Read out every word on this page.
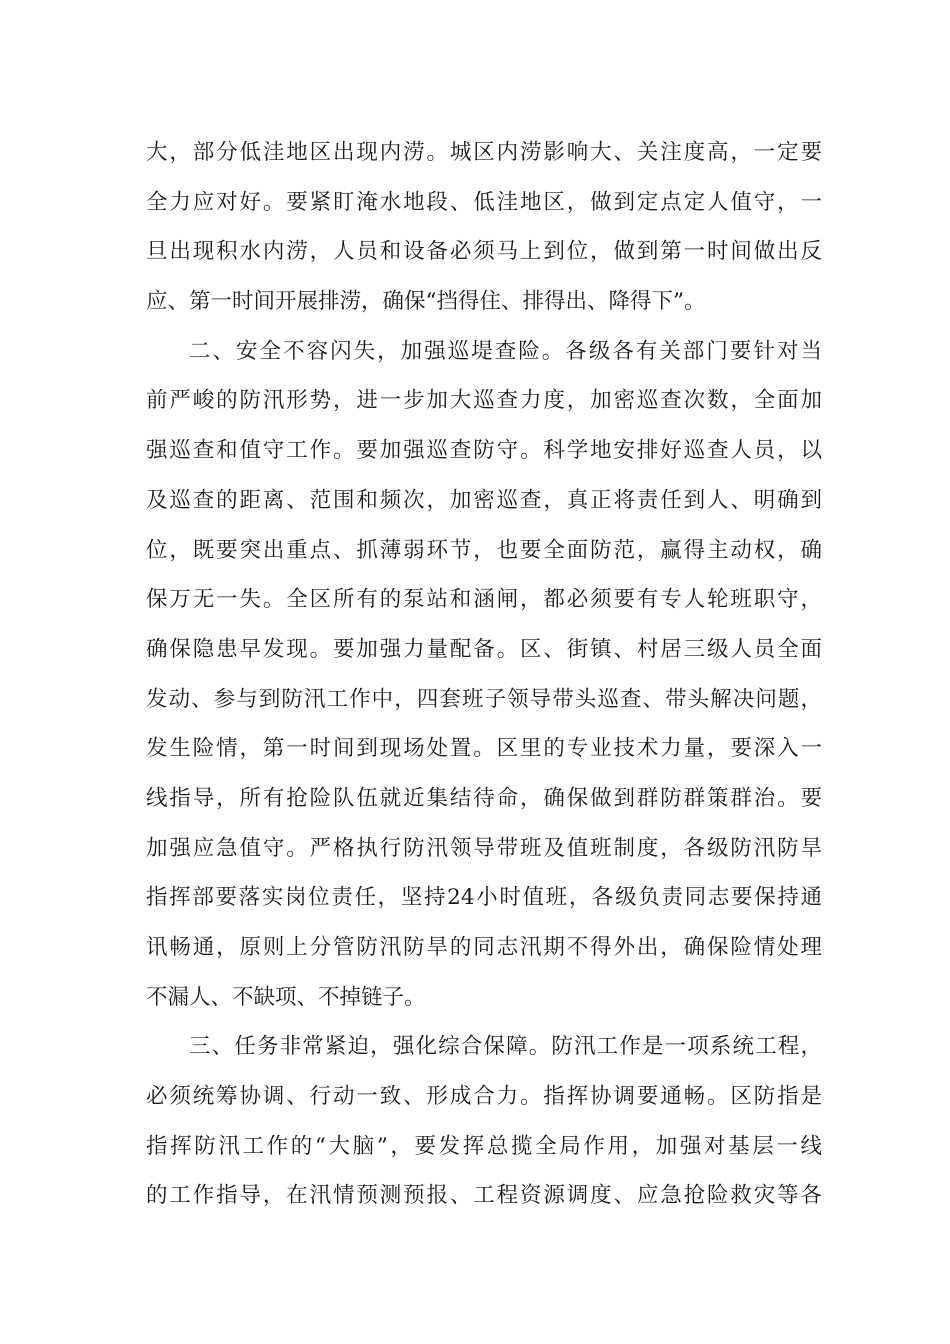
大，部分低洼地区出现内涝。城区内涝影响大、关注度高，一定要
全力应对好。要紧盯淹水地段、低洼地区，做到定点定人值守，一
旦出现积水内涝，人员和设备必须马上到位，做到第一时间做出反
应、第一时间开展排涝，确保“挡得住、排得出、降得下”。
二、安全不容闪失，加强巡堤查险。各级各有关部门要针对当
前严峻的防汛形势，进一步加大巡查力度，加密巡查次数，全面加
强巡查和值守工作。要加强巡查防守。科学地安排好巡查人员，以
及巡查的距离、范围和频次，加密巡查，真正将责任到人、明确到
位，既要突出重点、抓薄弱环节，也要全面防范，赢得主动权，确
保万无一失。全区所有的泵站和涵闸，都必须要有专人轮班职守，
确保隐患早发现。要加强力量配备。区、街镇、村居三级人员全面
发动、参与到防汛工作中，四套班子领导带头巡查、带头解决问题，
发生险情，第一时间到现场处置。区里的专业技术力量，要深入一
线指导，所有抢险队伍就近集结待命，确保做到群防群策群治。要
加强应急值守。严格执行防汛领导带班及值班制度，各级防汛防旱
指挥部要落实岗位责任，坚持24小时值班，各级负责同志要保持通
讯畅通，原则上分管防汛防旱的同志汛期不得外出，确保险情处理
不漏人、不缺项、不掉链子。
三、任务非常紧迫，强化综合保障。防汛工作是一项系统工程，
必须统筹协调、行动一致、形成合力。指挥协调要通畅。区防指是
指挥防汛工作的“大脑”，要发挥总揽全局作用，加强对基层一线
的工作指导，在汛情预测预报、工程资源调度、应急抢险救灾等各
